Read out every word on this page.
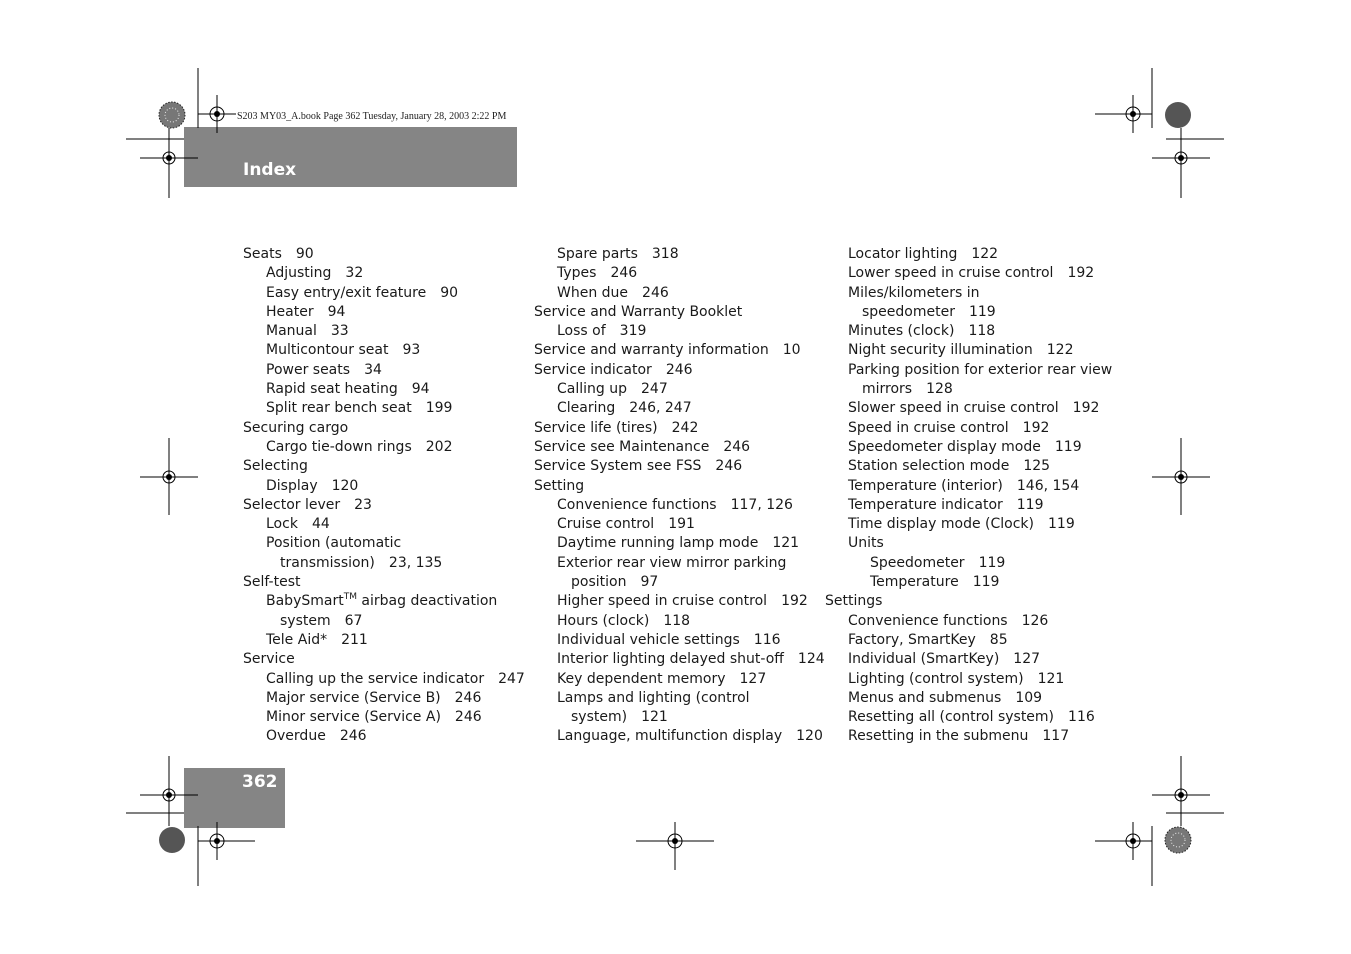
S203 MY03_A.book Page 362 Tuesday, January 28, 2003 2:22 PM
Index
362
Seats 90
Adjusting 32
Easy entry/exit feature 90
Heater 94
Manual 33
Multicontour seat 93
Power seats 34
Rapid seat heating 94
Split rear bench seat 199
Securing cargo
Cargo tie-down rings 202
Selecting
Display 120
Selector lever 23
Lock 44
Position (automatic
transmission) 23, 135
Self-test
BabySmart™ airbag deactivation
system 67
Tele Aid* 211
Service
Calling up the service indicator 247
Major service (Service B) 246
Minor service (Service A) 246
Overdue 246
Spare parts 318
Types 246
When due 246
Service and Warranty Booklet
Loss of 319
Service and warranty information 10
Service indicator 246
Calling up 247
Clearing 246, 247
Service life (tires) 242
Service see Maintenance 246
Service System see FSS 246
Setting
Convenience functions 117, 126
Cruise control 191
Daytime running lamp mode 121
Exterior rear view mirror parking
position 97
Higher speed in cruise control 192
Hours (clock) 118
Individual vehicle settings 116
Interior lighting delayed shut-off 124
Key dependent memory 127
Lamps and lighting (control
system) 121
Language, multifunction display 120
Locator lighting 122
Lower speed in cruise control 192
Miles/kilometers in
speedometer 119
Minutes (clock) 118
Night security illumination 122
Parking position for exterior rear view
mirrors 128
Slower speed in cruise control 192
Speed in cruise control 192
Speedometer display mode 119
Station selection mode 125
Temperature (interior) 146, 154
Temperature indicator 119
Time display mode (Clock) 119
Units
Speedometer 119
Temperature 119
Settings
Convenience functions 126
Factory, SmartKey 85
Individual (SmartKey) 127
Lighting (control system) 121
Menus and submenus 109
Resetting all (control system) 116
Resetting in the submenu 117
